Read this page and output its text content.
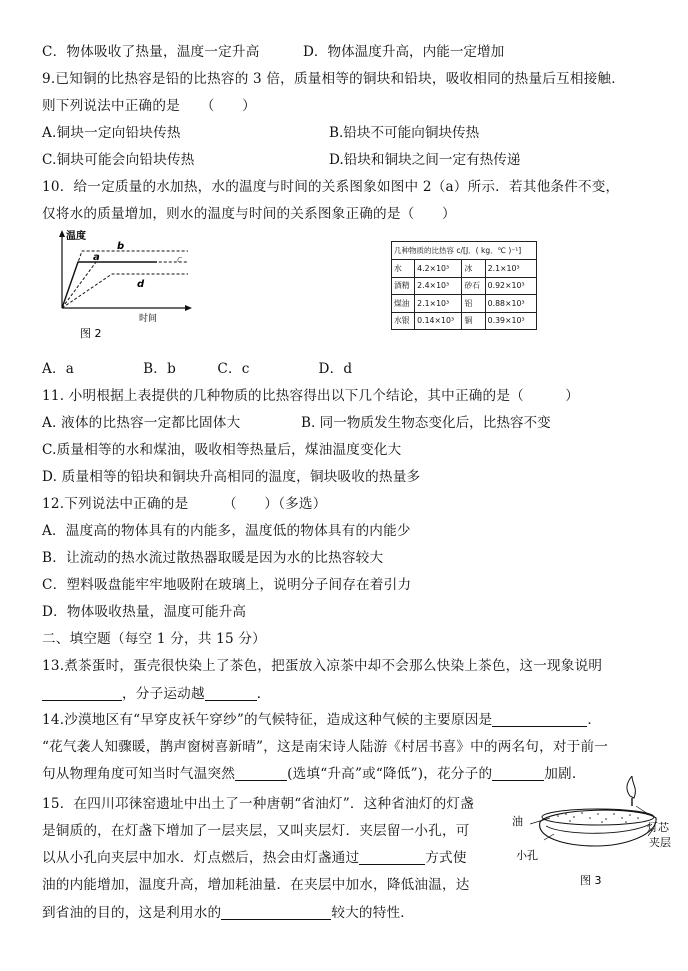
C．物体吸收了热量，温度一定升高	D．物体温度升高，内能一定增加
9.已知铜的比热容是铅的比热容的 3 倍，质量相等的铜块和铅块，吸收相同的热量后互相接触．
则下列说法中正确的是　　（　　）
A.铜块一定向铅块传热	B.铅块不可能向铜块传热
C.铜块可能会向铅块传热	D.铅块和铜块之间一定有热传递
10．给一定质量的水加热，水的温度与时间的关系图象如图中 2（a）所示．若其他条件不变，
仅将水的质量增加，则水的温度与时间的关系图象正确的是（　　）
温度
时间
b
a	c
d
图 2
几种物质的比热容 c/[J．( kg．℃ )⁻¹]			
水	4.2×10³	冰	2.1×10³
酒精	2.4×10³	砂石	0.92×10³
煤油	2.1×10³	铝	0.88×10³
水银	0.14×10³	铜	0.39×10³
A．a　　　　　B．b　　　C．c　　　　　D．d
11. 小明根据上表提供的几种物质的比热容得出以下几个结论，其中正确的是（　　　）
A. 液体的比热容一定都比固体大	B. 同一物质发生物态变化后，比热容不变
C.质量相等的水和煤油，吸收相等热量后，煤油温度变化大
D. 质量相等的铅块和铜块升高相同的温度，铜块吸收的热量多
12.下列说法中正确的是　　　（　　）（多选）
A．温度高的物体具有的内能多，温度低的物体具有的内能少
B．让流动的热水流过散热器取暖是因为水的比热容较大
C．塑料吸盘能牢牢地吸附在玻璃上，说明分子间存在着引力
D．物体吸收热量，温度可能升高
二、填空题（每空 1 分，共 15 分）
13.煮茶蛋时，蛋壳很快染上了茶色，把蛋放入凉茶中却不会那么快染上茶色，这一现象说明
，分子运动越	．
14.沙漠地区有“早穿皮袄午穿纱”的气候特征，造成这种气候的主要原因是	．
“花气袭人知骤暖，鹊声窗树喜新晴”，这是南宋诗人陆游《村居书喜》中的两名句，对于前一
句从物理角度可知当时气温突然	(选填“升高”或“降低”)，花分子的	加剧.
15．在四川邛徕窑遗址中出土了一种唐朝“省油灯”．这种省油灯的灯盏
是铜质的，在灯盏下增加了一层夹层，又叫夹层灯．夹层留一小孔，可
以从小孔向夹层中加水．灯点燃后，热会由灯盏通过	方式使
油的内能增加，温度升高，增加耗油量．在夹层中加水，降低油温，达
到省油的目的，这是利用水的	较大的特性．
油
小孔
灯芯
夹层
图 3
